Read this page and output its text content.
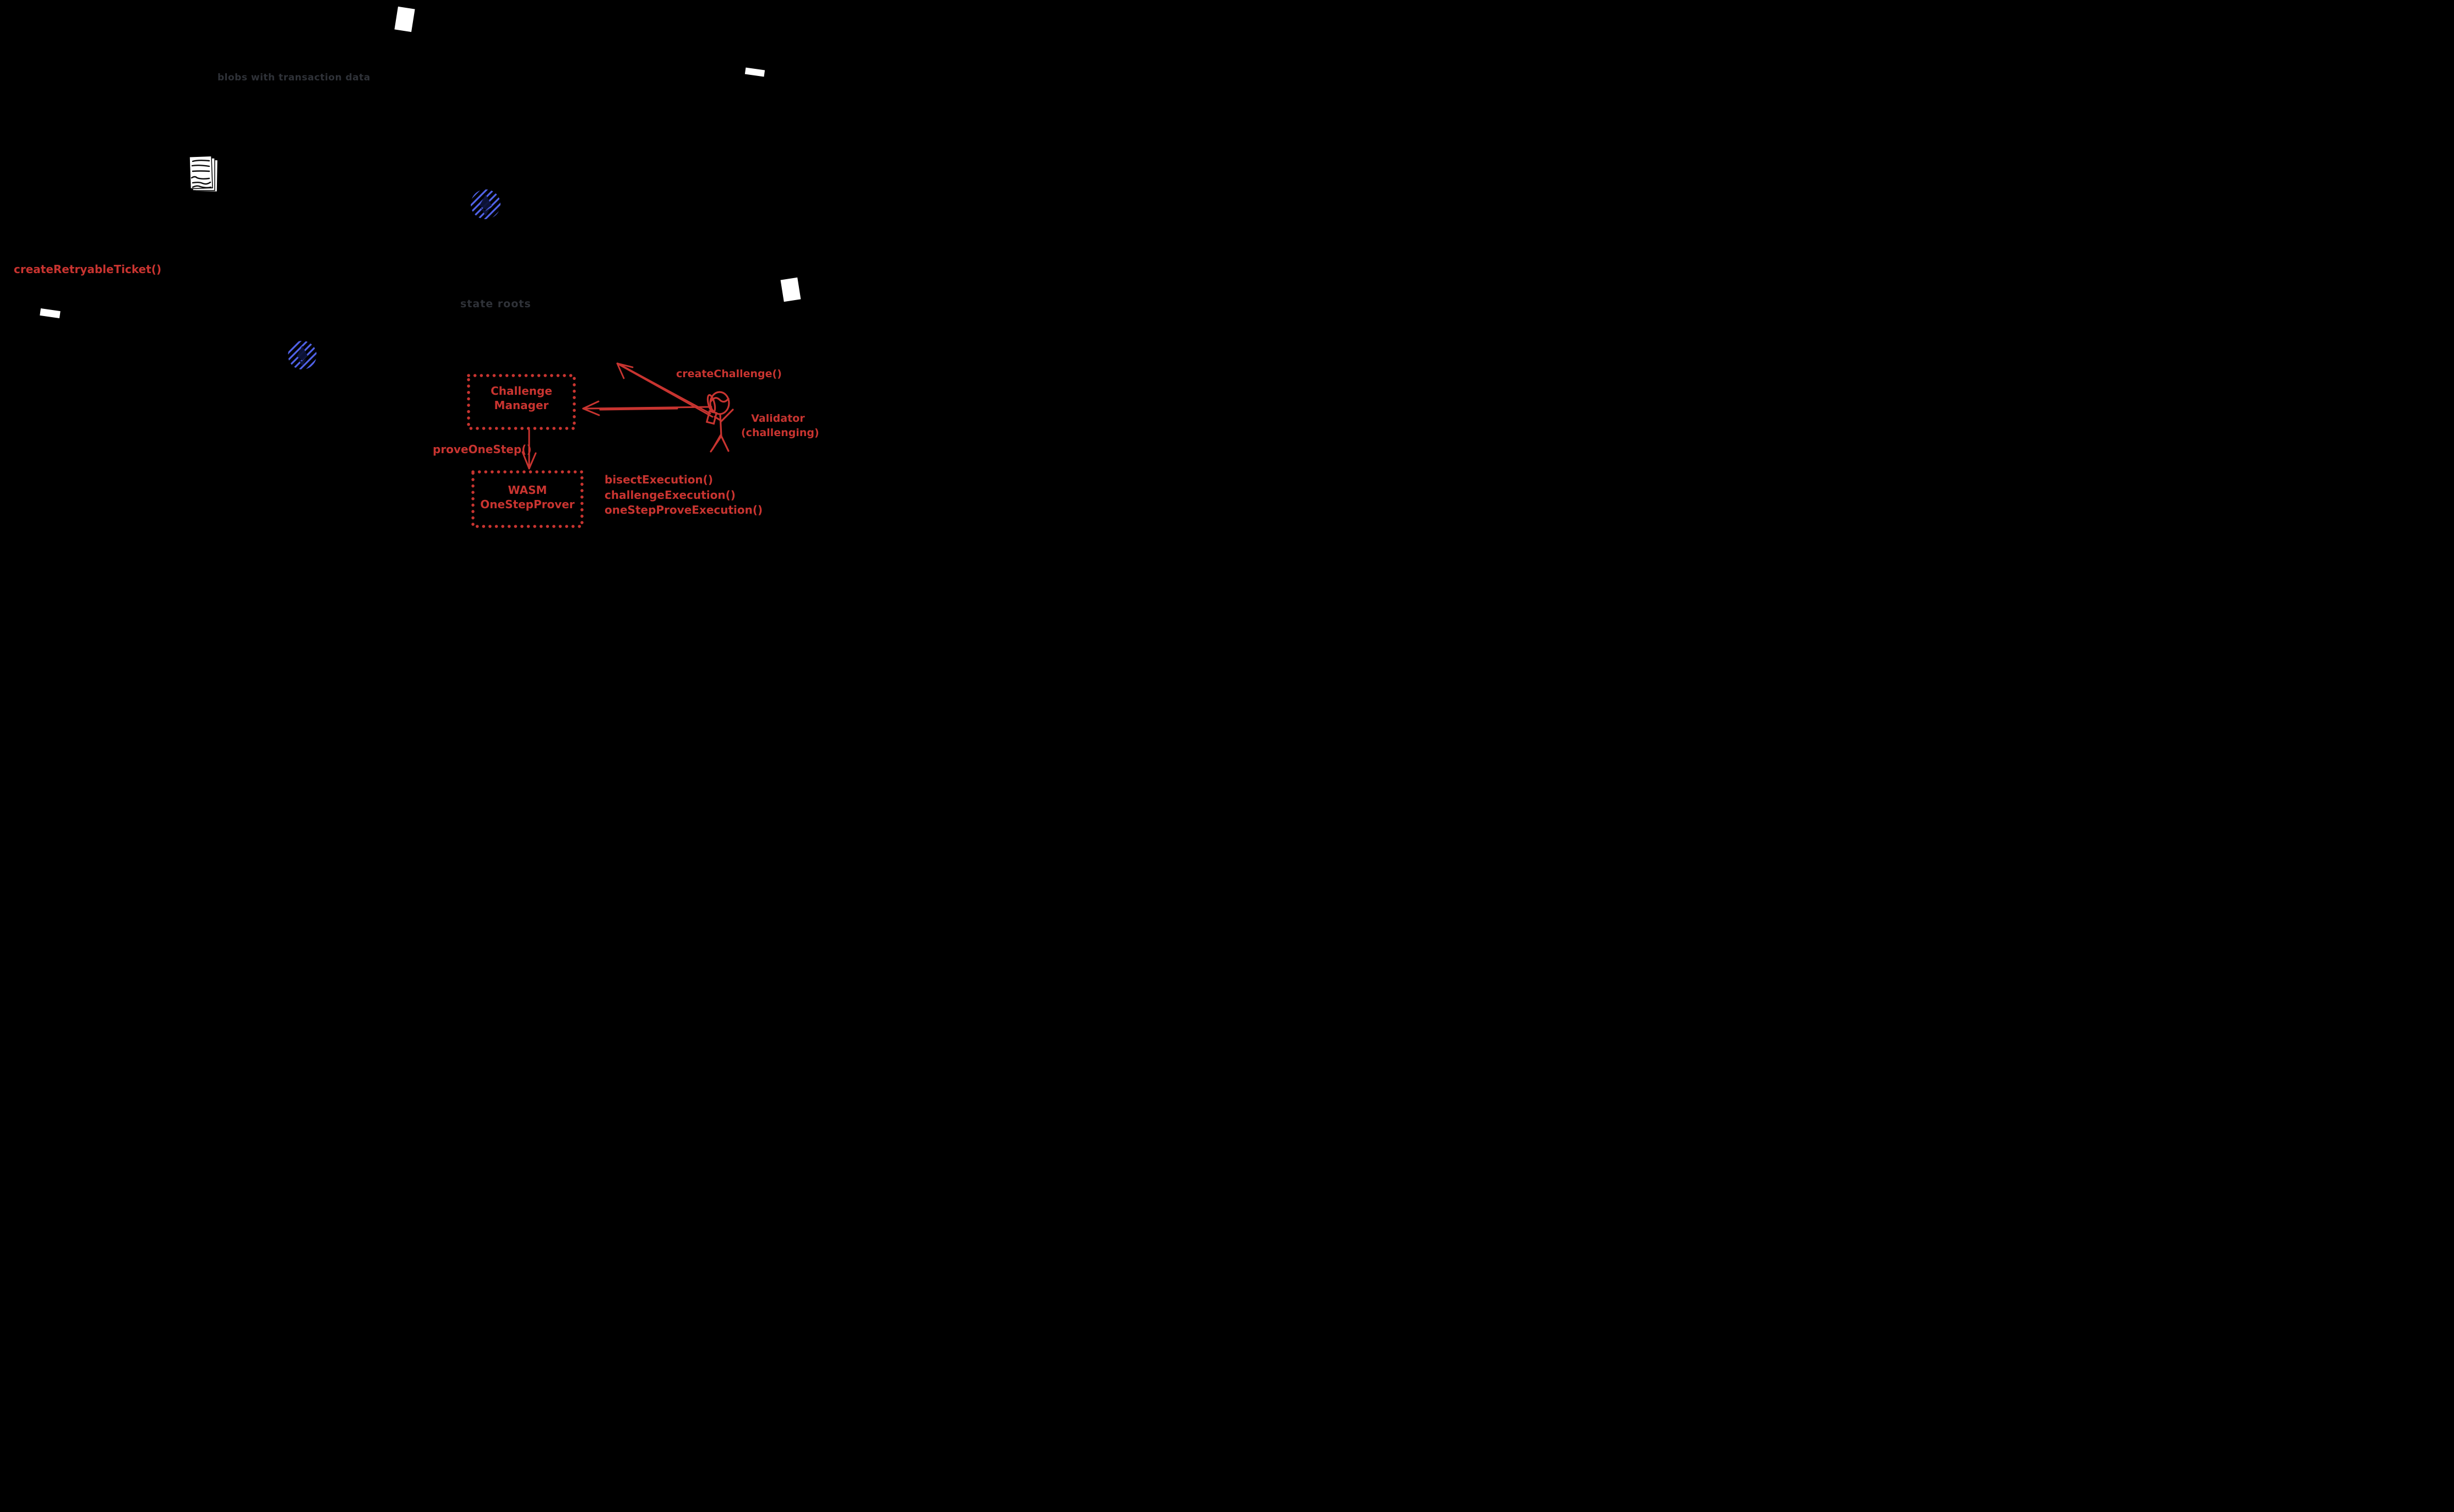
blobs with transaction data
state roots
createRetryableTicket()
createChallenge()
proveOneStep()
Challenge
Manager
WASM
OneStepProver
Validator
(challenging)
bisectExecution()
challengeExecution()
oneStepProveExecution()
